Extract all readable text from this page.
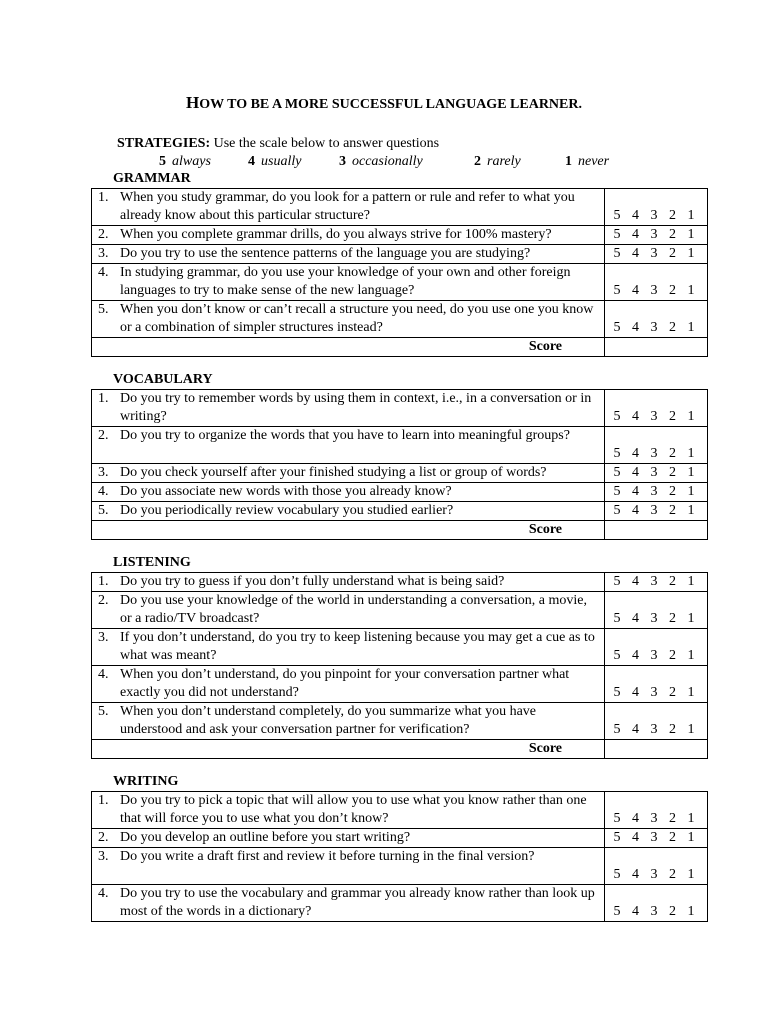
HOW TO BE A MORE SUCCESSFUL LANGUAGE LEARNER.
STRATEGIES: Use the scale below to answer questions
5 always	4 usually	3 occasionally	2 rarely	1 never
GRAMMAR
1. When you study grammar, do you look for a pattern or rule and refer to what you already know about this particular structure?	5 4 3 2 1

2. When you complete grammar drills, do you always strive for 100% mastery?	5 4 3 2 1

3. Do you try to use the sentence patterns of the language you are studying?	5 4 3 2 1

4. In studying grammar, do you use your knowledge of your own and other foreign languages to try to make sense of the new language?	5 4 3 2 1

5. When you don’t know or can’t recall a structure you need, do you use one you know or a combination of simpler structures instead?	5 4 3 2 1
Score	
VOCABULARY
1. Do you try to remember words by using them in context, i.e., in a conversation or in writing?	5 4 3 2 1

2. Do you try to organize the words that you have to learn into meaningful groups?	5 4 3 2 1

3. Do you check yourself after your finished studying a list or group of words?	5 4 3 2 1

4. Do you associate new words with those you already know?	5 4 3 2 1

5. Do you periodically review vocabulary you studied earlier?	5 4 3 2 1
Score	
LISTENING
1. Do you try to guess if you don’t fully understand what is being said?	5 4 3 2 1

2. Do you use your knowledge of the world in understanding a conversation, a movie, or a radio/TV broadcast?	5 4 3 2 1

3. If you don’t understand, do you try to keep listening because you may get a cue as to what was meant?	5 4 3 2 1

4. When you don’t understand, do you pinpoint for your conversation partner what exactly you did not understand?	5 4 3 2 1

5. When you don’t understand completely, do you summarize what you have understood and ask your conversation partner for verification?	5 4 3 2 1
Score	
WRITING
1. Do you try to pick a topic that will allow you to use what you know rather than one that will force you to use what you don’t know?	5 4 3 2 1

2. Do you develop an outline before you start writing?	5 4 3 2 1

3. Do you write a draft first and review it before turning in the final version?	5 4 3 2 1

4. Do you try to use the vocabulary and grammar you already know rather than look up most of the words in a dictionary?	5 4 3 2 1
